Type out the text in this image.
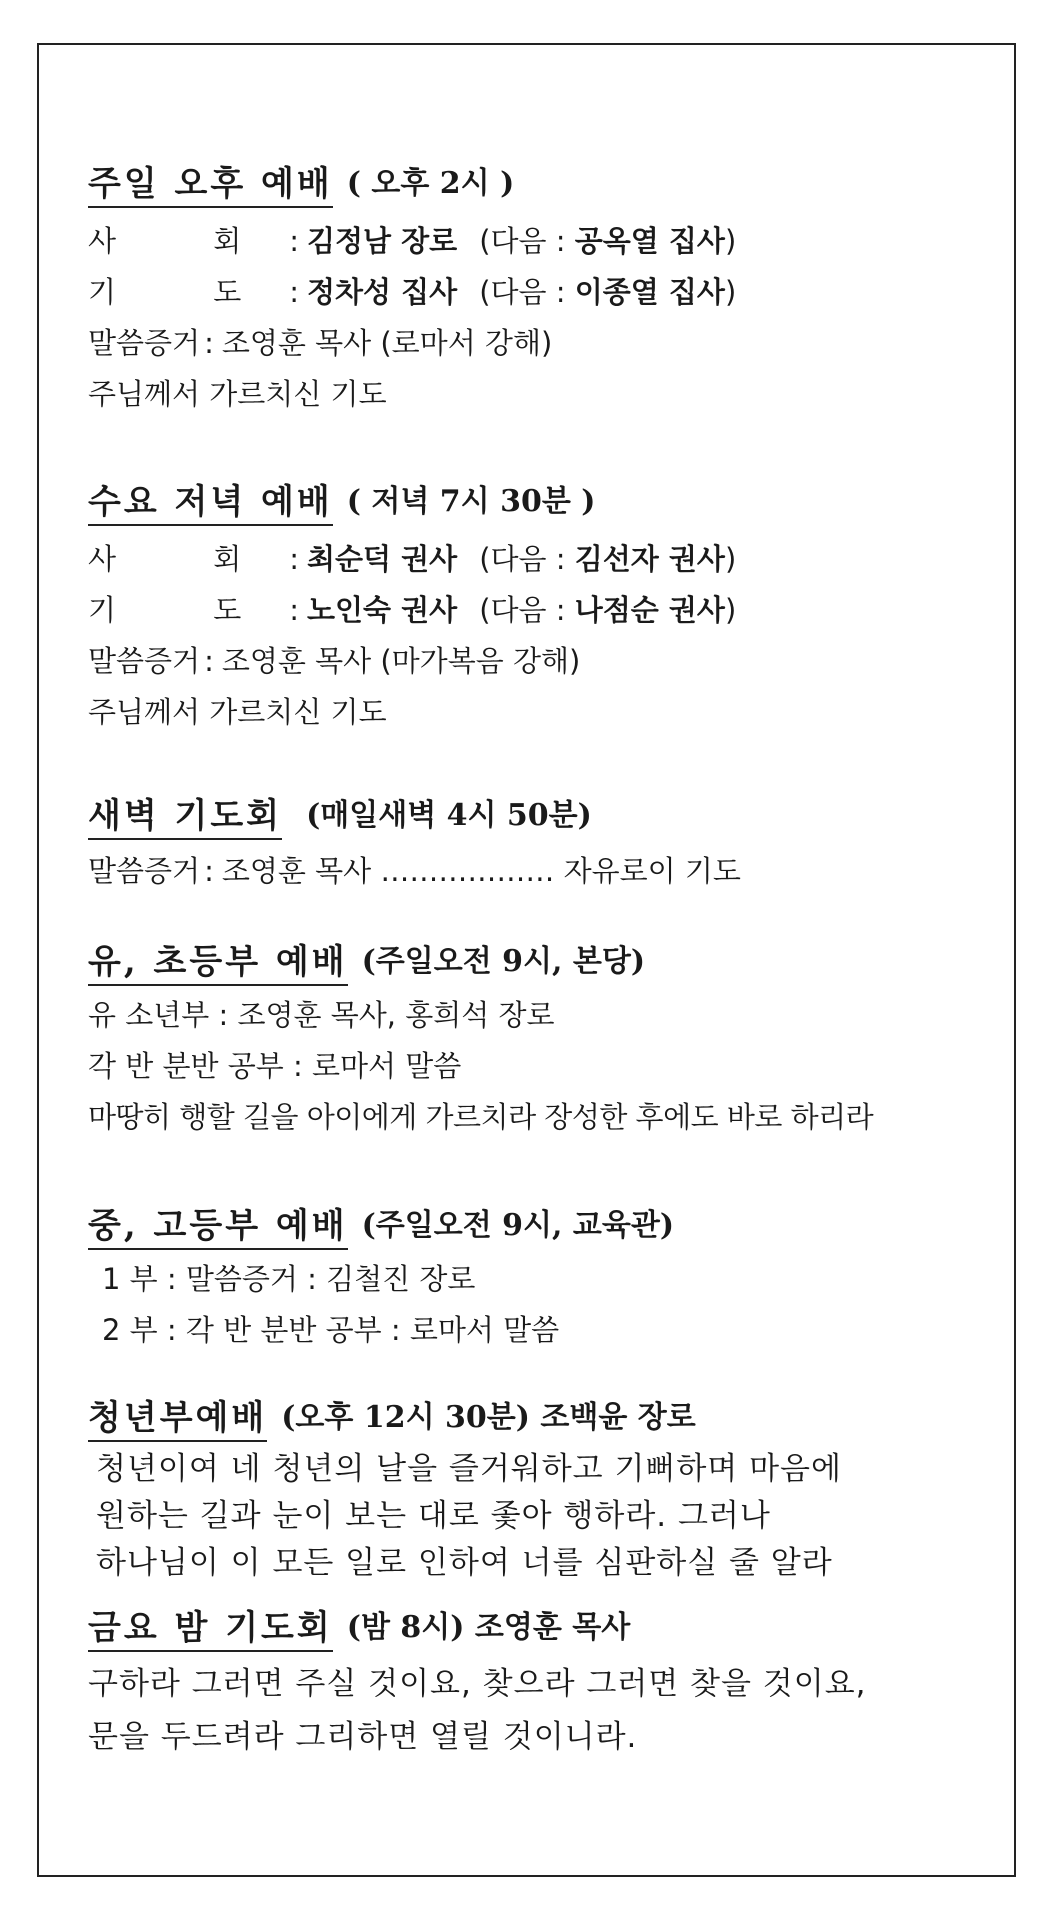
주일 오후 예배 ( 오후 2시 )
사 회 : 김정남 장로 (다음 : 공옥열 집사)
기 도 : 정차성 집사 (다음 : 이종열 집사)
말씀증거 : 조영훈 목사 (로마서 강해)
주님께서 가르치신 기도
수요 저녁 예배 ( 저녁 7시 30분 )
사 회 : 최순덕 권사 (다음 : 김선자 권사)
기 도 : 노인숙 권사 (다음 : 나점순 권사)
말씀증거 : 조영훈 목사 (마가복음 강해)
주님께서 가르치신 기도
새벽 기도회 (매일새벽 4시 50분)
말씀증거 : 조영훈 목사 ……………… 자유로이 기도
유, 초등부 예배 (주일오전 9시, 본당)
유 소년부 : 조영훈 목사, 홍희석 장로
각 반 분반 공부 : 로마서 말씀
마땅히 행할 길을 아이에게 가르치라 장성한 후에도 바로 하리라
중, 고등부 예배 (주일오전 9시, 교육관)
1 부 : 말씀증거 : 김철진 장로
2 부 : 각 반 분반 공부 : 로마서 말씀
청년부예배 (오후 12시 30분) 조백윤 장로
청년이여 네 청년의 날을 즐거워하고 기뻐하며 마음에
원하는 길과 눈이 보는 대로 좇아 행하라. 그러나
하나님이 이 모든 일로 인하여 너를 심판하실 줄 알라
금요 밤 기도회 (밤 8시) 조영훈 목사
구하라 그러면 주실 것이요, 찾으라 그러면 찾을 것이요,
문을 두드려라 그리하면 열릴 것이니라.
